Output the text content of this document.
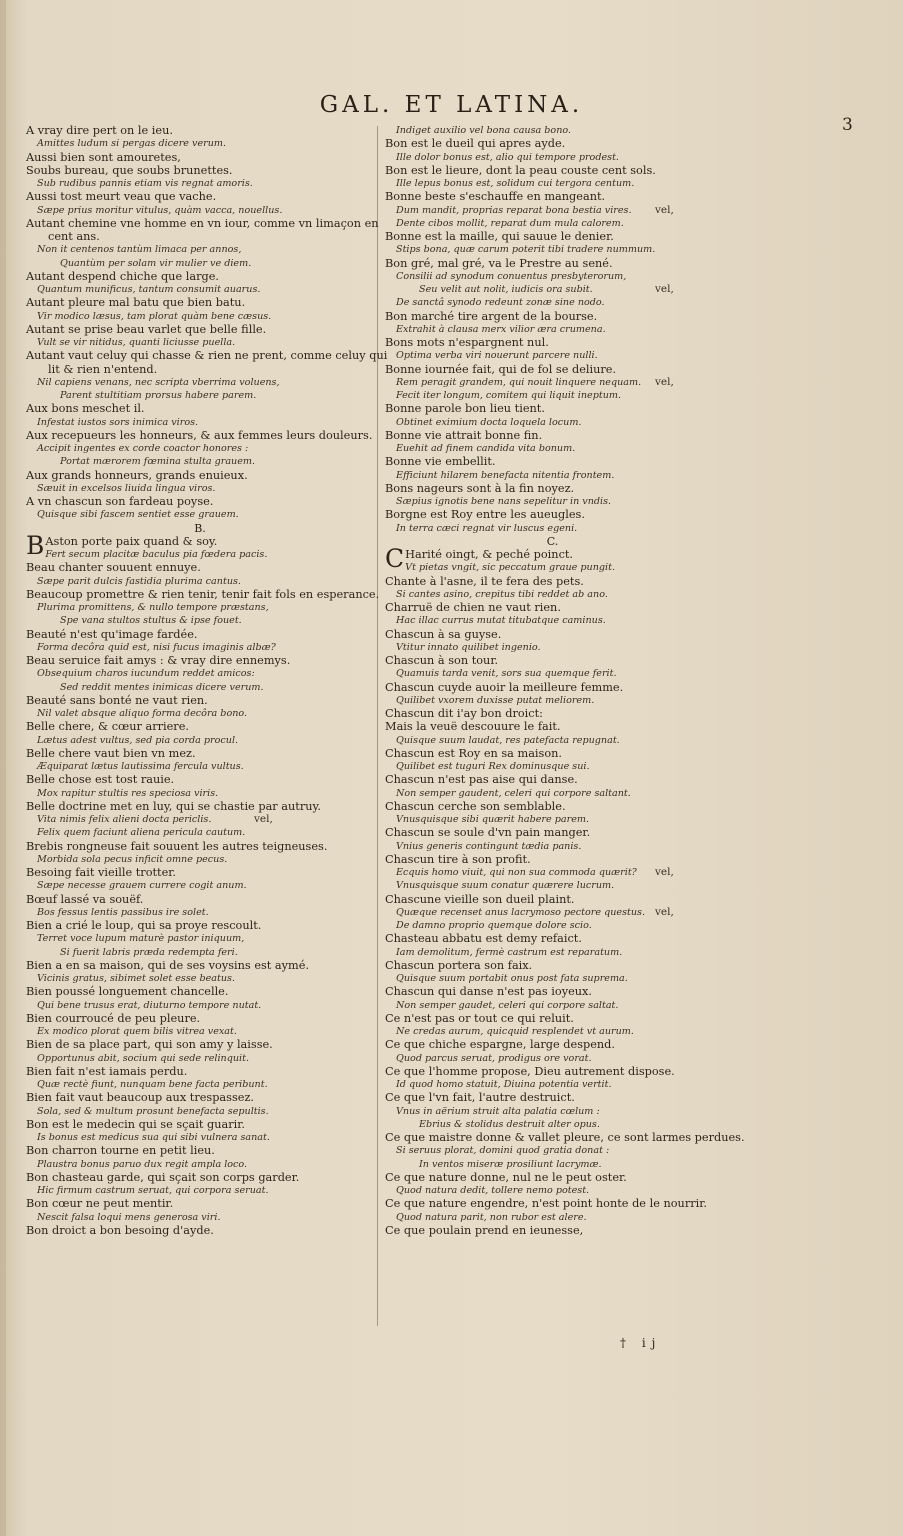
GAL. ET LATINA.
3
A vray dire pert on le ieu.
Amittes ludum si pergas dicere verum.
Aussi bien sont amouretes,
Soubs bureau, que soubs brunettes.
Sub rudibus pannis etiam vis regnat amoris.
Aussi tost meurt veau que vache.
Sæpe prius moritur vitulus, quàm vacca, nouellus.
Autant chemine vne homme en vn iour, comme vn limaçon en
cent ans.
Non it centenos tantùm limaca per annos,
Quantùm per solam vir mulier ve diem.
Autant despend chiche que large.
Quantum munificus, tantum consumit auarus.
Autant pleure mal batu que bien batu.
Vir modico læsus, tam plorat quàm bene cæsus.
Autant se prise beau varlet que belle fille.
Vult se vir nitidus, quanti liciusse puella.
Autant vaut celuy qui chasse & rien ne prent, comme celuy qui
lit & rien n'entend.
Nil capiens venans, nec scripta vberrima voluens,
Parent stultitiam prorsus habere parem.
Aux bons meschet il.
Infestat iustos sors inimica viros.
Aux recepueurs les honneurs, & aux femmes leurs douleurs.
Accipit ingentes ex corde coactor honores :
Portat mærorem fœmina stulta grauem.
Aux grands honneurs, grands enuieux.
Sæuit in excelsos liuida lingua viros.
A vn chascun son fardeau poyse.
Quisque sibi fascem sentiet esse grauem.
B.
B Aston porte paix quand & soy.
Fert secum placitæ baculus pia fœdera pacis.
Beau chanter souuent ennuye.
Sæpe parit dulcis fastidia plurima cantus.
Beaucoup promettre & rien tenir, tenir fait fols en esperance.
Plurima promittens, & nullo tempore præstans,
Spe vana stultos stultus & ipse fouet.
Beauté n'est qu'image fardée.
Forma decôra quid est, nisi fucus imaginis albæ?
Beau seruice fait amys : & vray dire ennemys.
Obsequium charos iucundum reddet amicos:
Sed reddit mentes inimicas dicere verum.
Beauté sans bonté ne vaut rien.
Nil valet absque aliquo forma decôra bono.
Belle chere, & cœur arriere.
Lætus adest vultus, sed pia corda procul.
Belle chere vaut bien vn mez.
Æquiparat lætus lautissima fercula vultus.
Belle chose est tost rauie.
Mox rapitur stultis res speciosa viris.
Belle doctrine met en luy, qui se chastie par autruy.
Vita nimis felix alieni docta periclis.	vel,
Felix quem faciunt aliena pericula cautum.
Brebis rongneuse fait souuent les autres teigneuses.
Morbida sola pecus inficit omne pecus.
Besoing fait vieille trotter.
Sæpe necesse grauem currere cogit anum.
Bœuf lassé va souëf.
Bos fessus lentis passibus ire solet.
Bien a crié le loup, qui sa proye rescoult.
Terret voce lupum maturè pastor iniquum,
Si fuerit labris præda redempta feri.
Bien a en sa maison, qui de ses voysins est aymé.
Vicinis gratus, sibimet solet esse beatus.
Bien poussé longuement chancelle.
Qui bene trusus erat, diuturno tempore nutat.
Bien courroucé de peu pleure.
Ex modico plorat quem bilis vitrea vexat.
Bien de sa place part, qui son amy y laisse.
Opportunus abit, socium qui sede relinquit.
Bien fait n'est iamais perdu.
Quæ rectè fiunt, nunquam bene facta peribunt.
Bien fait vaut beaucoup aux trespassez.
Sola, sed & multum prosunt benefacta sepultis.
Bon est le medecin qui se sçait guarir.
Is bonus est medicus sua qui sibi vulnera sanat.
Bon charron tourne en petit lieu.
Plaustra bonus paruo dux regit ampla loco.
Bon chasteau garde, qui sçait son corps garder.
Hic firmum castrum seruat, qui corpora seruat.
Bon cœur ne peut mentir.
Nescit falsa loqui mens generosa viri.
Bon droict a bon besoing d'ayde.
Indiget auxilio vel bona causa bono.
Bon est le dueil qui apres ayde.
Ille dolor bonus est, alio qui tempore prodest.
Bon est le lieure, dont la peau couste cent sols.
Ille lepus bonus est, solidum cui tergora centum.
Bonne beste s'eschauffe en mangeant.
Dum mandit, proprias reparat bona bestia vires. vel,
Dente cibos mollit, reparat dum mula calorem.
Bonne est la maille, qui sauue le denier.
Stips bona, quæ carum poterit tibi tradere nummum.
Bon gré, mal gré, va le Prestre au sené.
Consilii ad synodum conuentus presbyterorum,
Seu velit aut nolit, iudicis ora subit.	vel,
De sanctâ synodo redeunt zonæ sine nodo.
Bon marché tire argent de la bourse.
Extrahit à clausa merx vilior æra crumena.
Bons mots n'espargnent nul.
Optima verba viri nouerunt parcere nulli.
Bonne iournée fait, qui de fol se deliure.
Rem peragit grandem, qui nouit linquere nequam. vel,
Fecit iter longum, comitem qui liquit ineptum.
Bonne parole bon lieu tient.
Obtinet eximium docta loquela locum.
Bonne vie attrait bonne fin.
Euehit ad finem candida vita bonum.
Bonne vie embellit.
Efficiunt hilarem benefacta nitentia frontem.
Bons nageurs sont à la fin noyez.
Sæpius ignotis bene nans sepelitur in vndis.
Borgne est Roy entre les aueugles.
In terra cæci regnat vir luscus egeni.
C.
C Harité oingt, & peché poinct.
Vt pietas vngit, sic peccatum graue pungit.
Chante à l'asne, il te fera des pets.
Si cantes asino, crepitus tibi reddet ab ano.
Charruë de chien ne vaut rien.
Hac illac currus mutat titubatque caminus.
Chascun à sa guyse.
Vtitur innato quilibet ingenio.
Chascun à son tour.
Quamuis tarda venit, sors sua quemque ferit.
Chascun cuyde auoir la meilleure femme.
Quilibet vxorem duxisse putat meliorem.
Chascun dit i'ay bon droict:
Mais la veuë descouure le fait.
Quisque suum laudat, res patefacta repugnat.
Chascun est Roy en sa maison.
Quilibet est tuguri Rex dominusque sui.
Chascun n'est pas aise qui danse.
Non semper gaudent, celeri qui corpore saltant.
Chascun cerche son semblable.
Vnusquisque sibi quærit habere parem.
Chascun se soule d'vn pain manger.
Vnius generis contingunt tædia panis.
Chascun tire à son profit.
Ecquis homo viuit, qui non sua commoda quærit? vel,
Vnusquisque suum conatur quærere lucrum.
Chascune vieille son dueil plaint.
Quæque recenset anus lacrymoso pectore questus. vel,
De damno proprio quemque dolore scio.
Chasteau abbatu est demy refaict.
Iam demolitum, fermè castrum est reparatum.
Chascun portera son faix.
Quisque suum portabit onus post fata suprema.
Chascun qui danse n'est pas ioyeux.
Non semper gaudet, celeri qui corpore saltat.
Ce n'est pas or tout ce qui reluit.
Ne credas aurum, quicquid resplendet vt aurum.
Ce que chiche espargne, large despend.
Quod parcus seruat, prodigus ore vorat.
Ce que l'homme propose, Dieu autrement dispose.
Id quod homo statuit, Diuina potentia vertit.
Ce que l'vn fait, l'autre destruict.
Vnus in aërium struit alta palatia cœlum :
Ebrius & stolidus destruit alter opus.
Ce que maistre donne & vallet pleure, ce sont larmes perdues.
Si seruus plorat, domini quod gratia donat :
In ventos miseræ prosiliunt lacrymæ.
Ce que nature donne, nul ne le peut oster.
Quod natura dedit, tollere nemo potest.
Ce que nature engendre, n'est point honte de le nourrir.
Quod natura parit, non rubor est alere.
Ce que poulain prend en ieunesse,
† ij
